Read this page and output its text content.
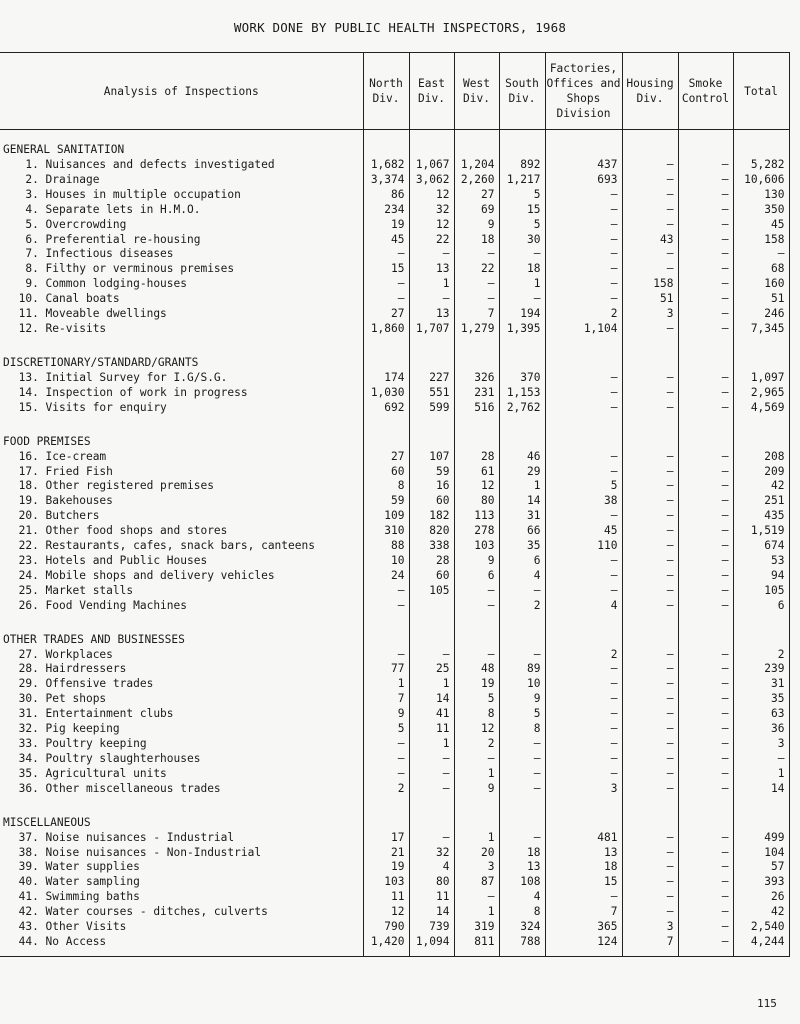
WORK DONE BY PUBLIC HEALTH INSPECTORS, 1968
Analysis of Inspections	North Div.	East Div.	West Div.	South Div.	Factories, Offices and Shops Division	Housing Div.	Smoke Control	Total
GENERAL SANITATION								
1. Nuisances and defects investigated	1,682	1,067	1,204	892	437	–	–	5,282
2. Drainage	3,374	3,062	2,260	1,217	693	–	–	10,606
3. Houses in multiple occupation	86	12	27	5	–	–	–	130
4. Separate lets in H.M.O.	234	32	69	15	–	–	–	350
5. Overcrowding	19	12	9	5	–	–	–	45
6. Preferential re-housing	45	22	18	30	–	43	–	158
7. Infectious diseases	–	–	–	–	–	–	–	–
8. Filthy or verminous premises	15	13	22	18	–	–	–	68
9. Common lodging-houses	–	1	–	1	–	158	–	160
10. Canal boats	–	–	–	–	–	51	–	51
11. Moveable dwellings	27	13	7	194	2	3	–	246
12. Re-visits	1,860	1,707	1,279	1,395	1,104	–	–	7,345

DISCRETIONARY/STANDARD/GRANTS								
13. Initial Survey for I.G/S.G.	174	227	326	370	–	–	–	1,097
14. Inspection of work in progress	1,030	551	231	1,153	–	–	–	2,965
15. Visits for enquiry	692	599	516	2,762	–	–	–	4,569

FOOD PREMISES								
16. Ice-cream	27	107	28	46	–	–	–	208
17. Fried Fish	60	59	61	29	–	–	–	209
18. Other registered premises	8	16	12	1	5	–	–	42
19. Bakehouses	59	60	80	14	38	–	–	251
20. Butchers	109	182	113	31	–	–	–	435
21. Other food shops and stores	310	820	278	66	45	–	–	1,519
22. Restaurants, cafes, snack bars, canteens	88	338	103	35	110	–	–	674
23. Hotels and Public Houses	10	28	9	6	–	–	–	53
24. Mobile shops and delivery vehicles	24	60	6	4	–	–	–	94
25. Market stalls	–	105	–	–	–	–	–	105
26. Food Vending Machines	–		–	2	4	–	–	6

OTHER TRADES AND BUSINESSES								
27. Workplaces	–	–	–	–	2	–	–	2
28. Hairdressers	77	25	48	89	–	–	–	239
29. Offensive trades	1	1	19	10	–	–	–	31
30. Pet shops	7	14	5	9	–	–	–	35
31. Entertainment clubs	9	41	8	5	–	–	–	63
32. Pig keeping	5	11	12	8	–	–	–	36
33. Poultry keeping	–	1	2	–	–	–	–	3
34. Poultry slaughterhouses	–	–	–	–	–	–	–	–
35. Agricultural units	–	–	1	–	–	–	–	1
36. Other miscellaneous trades	2	–	9	–	3	–	–	14

MISCELLANEOUS								
37. Noise nuisances - Industrial	17	–	1	–	481	–	–	499
38. Noise nuisances - Non-Industrial	21	32	20	18	13	–	–	104
39. Water supplies	19	4	3	13	18	–	–	57
40. Water sampling	103	80	87	108	15	–	–	393
41. Swimming baths	11	11	–	4	–	–	–	26
42. Water courses - ditches, culverts	12	14	1	8	7	–	–	42
43. Other Visits	790	739	319	324	365	3	–	2,540
44. No Access	1,420	1,094	811	788	124	7	–	4,244

115
